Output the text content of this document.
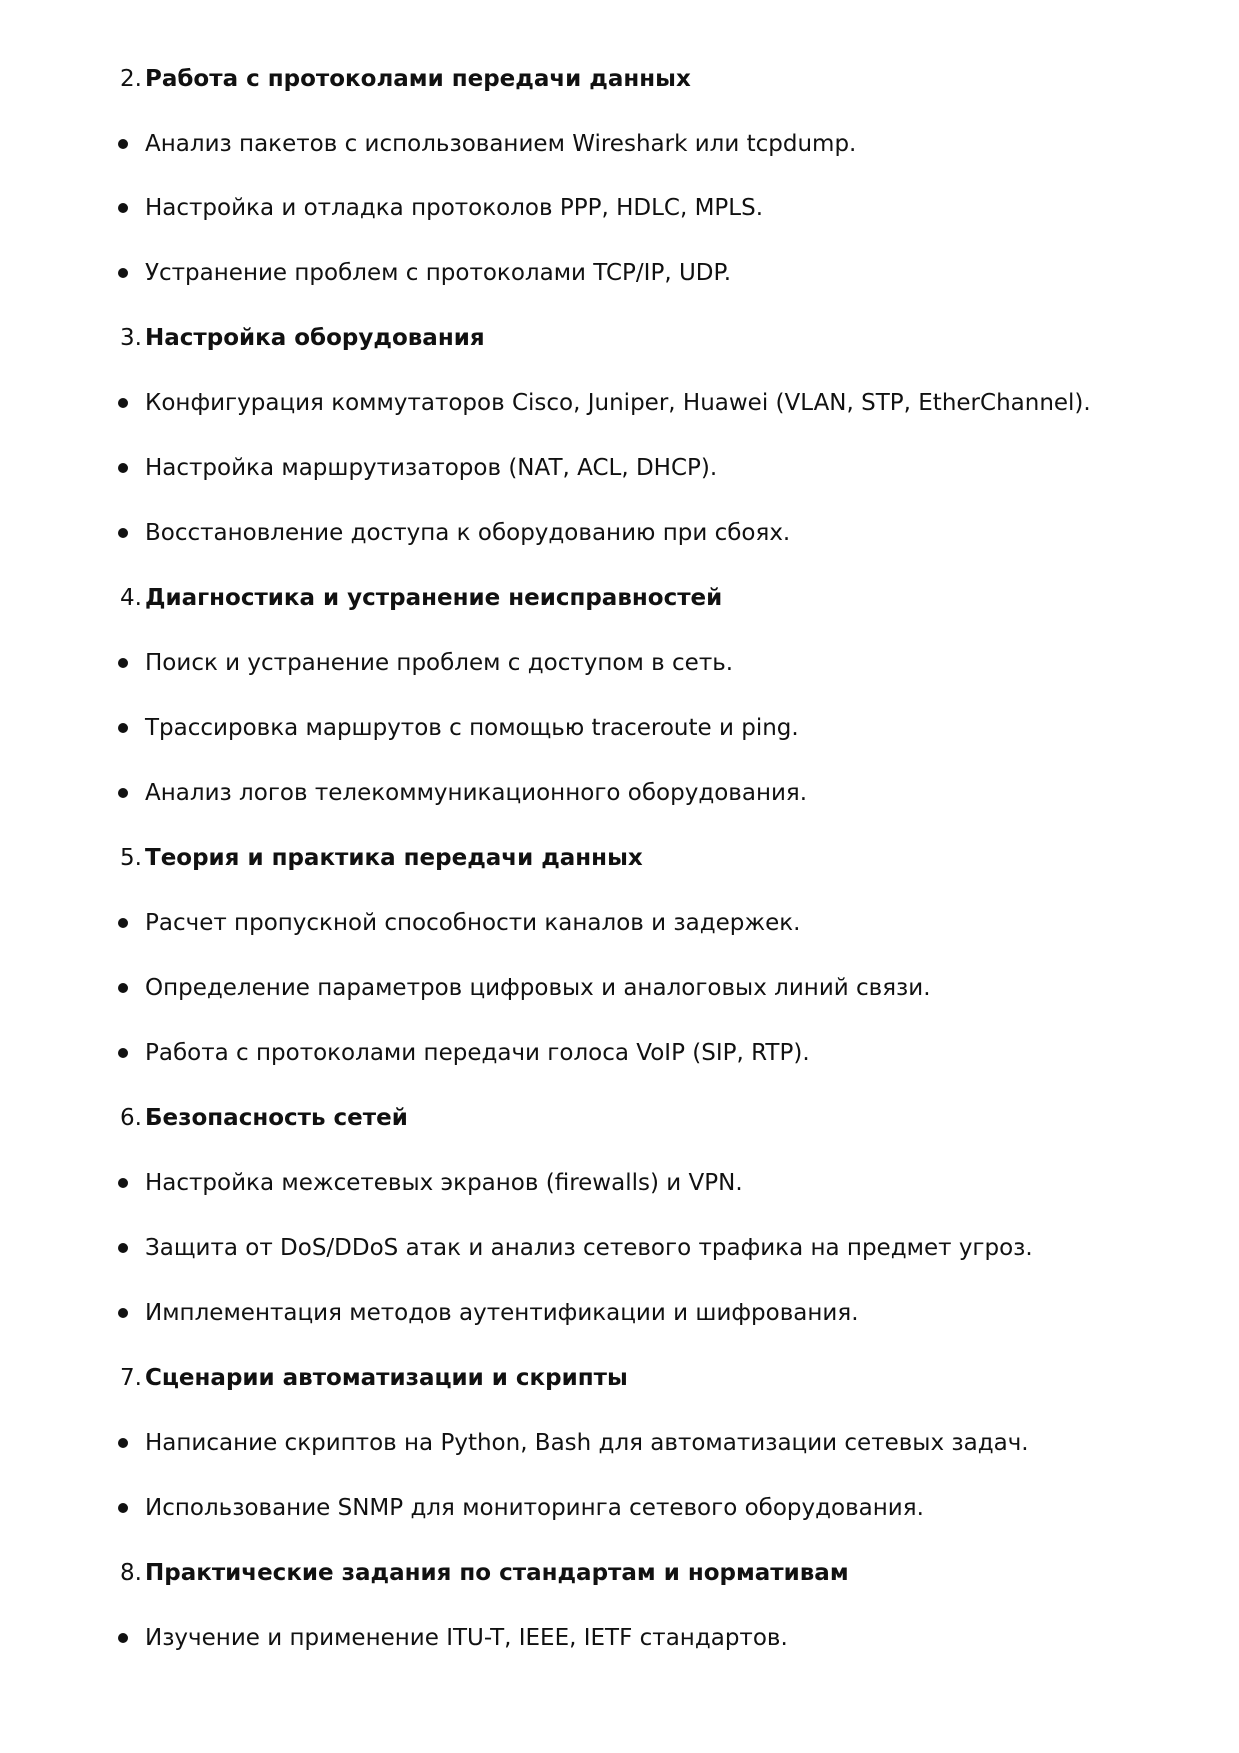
2. Работа с протоколами передачи данных
Анализ пакетов с использованием Wireshark или tcpdump.
Настройка и отладка протоколов PPP, HDLC, MPLS.
Устранение проблем с протоколами TCP/IP, UDP.
3. Настройка оборудования
Конфигурация коммутаторов Cisco, Juniper, Huawei (VLAN, STP, EtherChannel).
Настройка маршрутизаторов (NAT, ACL, DHCP).
Восстановление доступа к оборудованию при сбоях.
4. Диагностика и устранение неисправностей
Поиск и устранение проблем с доступом в сеть.
Трассировка маршрутов с помощью traceroute и ping.
Анализ логов телекоммуникационного оборудования.
5. Теория и практика передачи данных
Расчет пропускной способности каналов и задержек.
Определение параметров цифровых и аналоговых линий связи.
Работа с протоколами передачи голоса VoIP (SIP, RTP).
6. Безопасность сетей
Настройка межсетевых экранов (firewalls) и VPN.
Защита от DoS/DDoS атак и анализ сетевого трафика на предмет угроз.
Имплементация методов аутентификации и шифрования.
7. Сценарии автоматизации и скрипты
Написание скриптов на Python, Bash для автоматизации сетевых задач.
Использование SNMP для мониторинга сетевого оборудования.
8. Практические задания по стандартам и нормативам
Изучение и применение ITU-T, IEEE, IETF стандартов.
